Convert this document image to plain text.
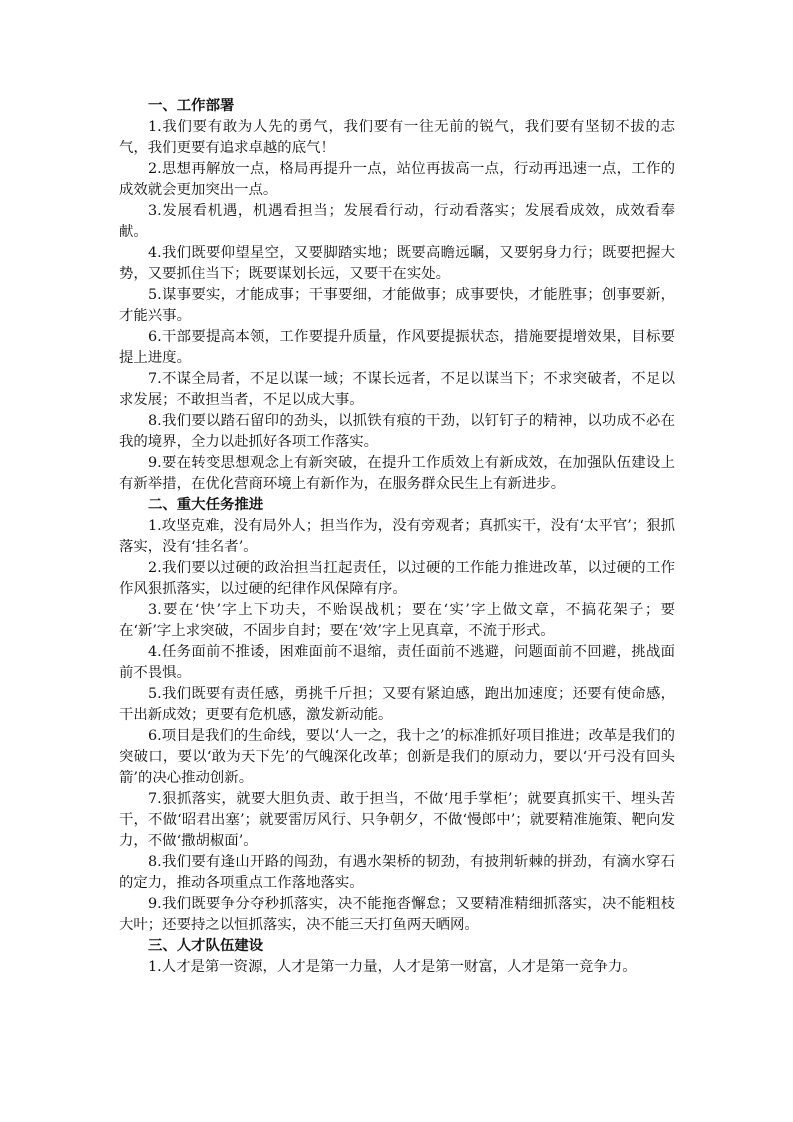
一、工作部署

1.我们要有敢为人先的勇气，我们要有一往无前的锐气，我们要有坚韧不拔的志气，我们更要有追求卓越的底气！

2.思想再解放一点，格局再提升一点，站位再拔高一点，行动再迅速一点，工作的成效就会更加突出一点。

3.发展看机遇，机遇看担当；发展看行动，行动看落实；发展看成效，成效看奉献。

4.我们既要仰望星空，又要脚踏实地；既要高瞻远瞩，又要躬身力行；既要把握大势，又要抓住当下；既要谋划长远，又要干在实处。

5.谋事要实，才能成事；干事要细，才能做事；成事要快，才能胜事；创事要新，才能兴事。

6.干部要提高本领，工作要提升质量，作风要提振状态，措施要提增效果，目标要提上进度。

7.不谋全局者，不足以谋一域；不谋长远者，不足以谋当下；不求突破者，不足以求发展；不敢担当者，不足以成大事。

8.我们要以踏石留印的劲头，以抓铁有痕的干劲，以钉钉子的精神，以功成不必在我的境界，全力以赴抓好各项工作落实。

9.要在转变思想观念上有新突破，在提升工作质效上有新成效，在加强队伍建设上有新举措，在优化营商环境上有新作为，在服务群众民生上有新进步。

二、重大任务推进

1.攻坚克难，没有局外人；担当作为，没有旁观者；真抓实干，没有‘太平官’；狠抓落实，没有‘挂名者’。

2.我们要以过硬的政治担当扛起责任，以过硬的工作能力推进改革，以过硬的工作作风狠抓落实，以过硬的纪律作风保障有序。

3.要在‘快’字上下功夫，不贻误战机；要在‘实’字上做文章，不搞花架子；要在‘新’字上求突破，不固步自封；要在‘效’字上见真章，不流于形式。

4.任务面前不推诿，困难面前不退缩，责任面前不逃避，问题面前不回避，挑战面前不畏惧。

5.我们既要有责任感，勇挑千斤担；又要有紧迫感，跑出加速度；还要有使命感，干出新成效；更要有危机感，激发新动能。

6.项目是我们的生命线，要以‘人一之，我十之’的标准抓好项目推进；改革是我们的突破口，要以‘敢为天下先’的气魄深化改革；创新是我们的原动力，要以‘开弓没有回头箭’的决心推动创新。

7.狠抓落实，就要大胆负责、敢于担当，不做‘甩手掌柜’；就要真抓实干、埋头苦干，不做‘昭君出塞’；就要雷厉风行、只争朝夕，不做‘慢郎中’；就要精准施策、靶向发力，不做‘撒胡椒面’。

8.我们要有逢山开路的闯劲，有遇水架桥的韧劲，有披荆斩棘的拼劲，有滴水穿石的定力，推动各项重点工作落地落实。

9.我们既要争分夺秒抓落实，决不能拖沓懈怠；又要精准精细抓落实，决不能粗枝大叶；还要持之以恒抓落实，决不能三天打鱼两天晒网。

三、人才队伍建设

1.人才是第一资源，人才是第一力量，人才是第一财富，人才是第一竞争力。
